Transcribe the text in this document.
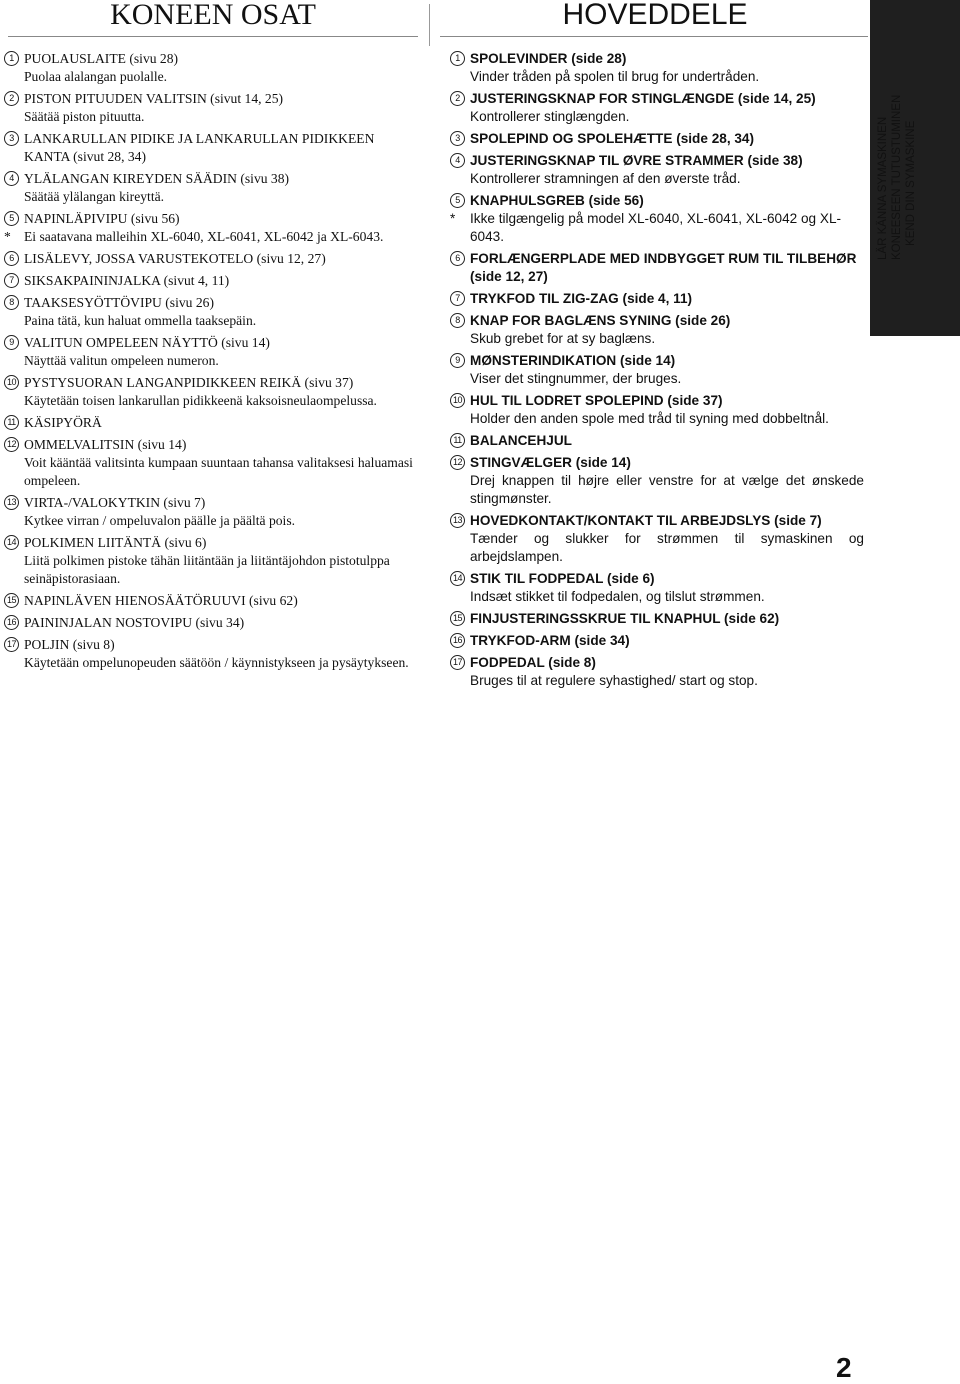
KONEEN OSAT	HOVEDDELE
LÄR KÄNNA SYMASKINEN KONEESEEN TUTUSTUMINEN KEND DIN SYMASKINE
1 PUOLAUSLAITE (sivu 28)
Puolaa alalangan puolalle.
2 PISTON PITUUDEN VALITSIN (sivut 14, 25)
Säätää piston pituutta.
3 LANKARULLAN PIDIKE JA LANKARULLAN PIDIKKEEN KANTA (sivut 28, 34)
4 YLÄLANGAN KIREYDEN SÄÄDIN (sivu 38)
Säätää ylälangan kireyttä.
5 NAPINLÄPIVIPU (sivu 56)
* Ei saatavana malleihin XL-6040, XL-6041, XL-6042 ja XL-6043.
6 LISÄLEVY, JOSSA VARUSTEKOTELO (sivu 12, 27)
7 SIKSAKPAININJALKA (sivut 4, 11)
8 TAAKSESYÖTTÖVIPU (sivu 26)
Paina tätä, kun haluat ommella taaksepäin.
9 VALITUN OMPELEEN NÄYTTÖ (sivu 14)
Näyttää valitun ompeleen numeron.
10 PYSTYSUORAN LANGANPIDIKKEEN REIKÄ (sivu 37)
Käytetään toisen lankarullan pidikkeenä kaksoisneulaompelussa.
11 KÄSIPYÖRÄ
12 OMMELVALITSIN (sivu 14)
Voit kääntää valitsinta kumpaan suuntaan tahansa valitaksesi haluamasi ompeleen.
13 VIRTA-/VALOKYTKIN (sivu 7)
Kytkee virran / ompeluvalon päälle ja päältä pois.
14 POLKIMEN LIITÄNTÄ (sivu 6)
Liitä polkimen pistoke tähän liitäntään ja liitäntäjohdon pistotulppa seinäpistorasiaan.
15 NAPINLÄVEN HIENOSÄÄTÖRUUVI (sivu 62)
16 PAININJALAN NOSTOVIPU (sivu 34)
17 POLJIN (sivu 8)
Käytetään ompelunopeuden säätöön / käynnistykseen ja pysäytykseen.
1 SPOLEVINDER (side 28)
Vinder tråden på spolen til brug for undertråden.
2 JUSTERINGSKNAP FOR STINGLÆNGDE (side 14, 25)
Kontrollerer stinglængden.
3 SPOLEPIND OG SPOLEHÆTTE (side 28, 34)
4 JUSTERINGSKNAP TIL ØVRE STRAMMER (side 38)
Kontrollerer stramningen af den øverste tråd.
5 KNAPHULSGREB (side 56)
* Ikke tilgængelig på model XL-6040, XL-6041, XL-6042 og XL-6043.
6 FORLÆNGERPLADE MED INDBYGGET RUM TIL TILBEHØR (side 12, 27)
7 TRYKFOD TIL ZIG-ZAG (side 4, 11)
8 KNAP FOR BAGLÆNS SYNING (side 26)
Skub grebet for at sy baglæns.
9 MØNSTERINDIKATION (side 14)
Viser det stingnummer, der bruges.
10 HUL TIL LODRET SPOLEPIND (side 37)
Holder den anden spole med tråd til syning med dobbeltnål.
11 BALANCEHJUL
12 STINGVÆLGER (side 14)
Drej knappen til højre eller venstre for at vælge det ønskede stingmønster.
13 HOVEDKONTAKT/KONTAKT TIL ARBEJDSLYS (side 7)
Tænder og slukker for strømmen til symaskinen og arbejdslampen.
14 STIK TIL FODPEDAL (side 6)
Indsæt stikket til fodpedalen, og tilslut strømmen.
15 FINJUSTERINGSSKRUE TIL KNAPHUL (side 62)
16 TRYKFOD-ARM (side 34)
17 FODPEDAL (side 8)
Bruges til at regulere syhastighed/ start og stop.
2
